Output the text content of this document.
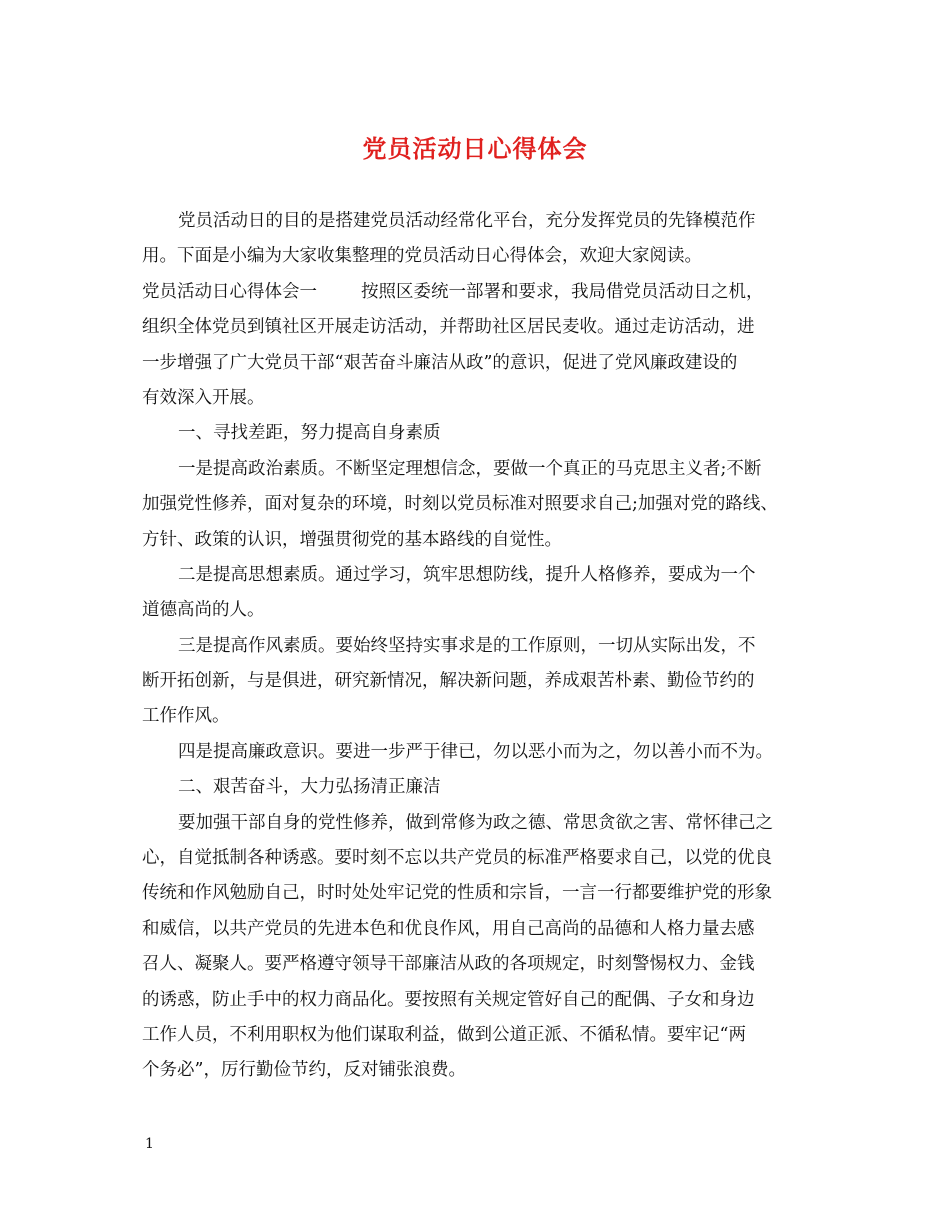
党员活动日心得体会
党员活动日的目的是搭建党员活动经常化平台，充分发挥党员的先锋模范作
用。下面是小编为大家收集整理的党员活动日心得体会，欢迎大家阅读。
党员活动日心得体会一	按照区委统一部署和要求，我局借党员活动日之机，
组织全体党员到镇社区开展走访活动，并帮助社区居民麦收。通过走访活动，进
一步增强了广大党员干部“艰苦奋斗廉洁从政”的意识，促进了党风廉政建设的
有效深入开展。
一、寻找差距，努力提高自身素质
一是提高政治素质。不断坚定理想信念，要做一个真正的马克思主义者;不断
加强党性修养，面对复杂的环境，时刻以党员标准对照要求自己;加强对党的路线、
方针、政策的认识，增强贯彻党的基本路线的自觉性。
二是提高思想素质。通过学习，筑牢思想防线，提升人格修养，要成为一个
道德高尚的人。
三是提高作风素质。要始终坚持实事求是的工作原则，一切从实际出发，不
断开拓创新，与是俱进，研究新情况，解决新问题，养成艰苦朴素、勤俭节约的
工作作风。
四是提高廉政意识。要进一步严于律已，勿以恶小而为之，勿以善小而不为。
二、艰苦奋斗，大力弘扬清正廉洁
要加强干部自身的党性修养，做到常修为政之德、常思贪欲之害、常怀律己之
心，自觉抵制各种诱惑。要时刻不忘以共产党员的标准严格要求自己，以党的优良
传统和作风勉励自己，时时处处牢记党的性质和宗旨，一言一行都要维护党的形象
和威信，以共产党员的先进本色和优良作风，用自己高尚的品德和人格力量去感
召人、凝聚人。要严格遵守领导干部廉洁从政的各项规定，时刻警惕权力、金钱
的诱惑，防止手中的权力商品化。要按照有关规定管好自己的配偶、子女和身边
工作人员，不利用职权为他们谋取利益，做到公道正派、不循私情。要牢记“两
个务必”，厉行勤俭节约，反对铺张浪费。
1
